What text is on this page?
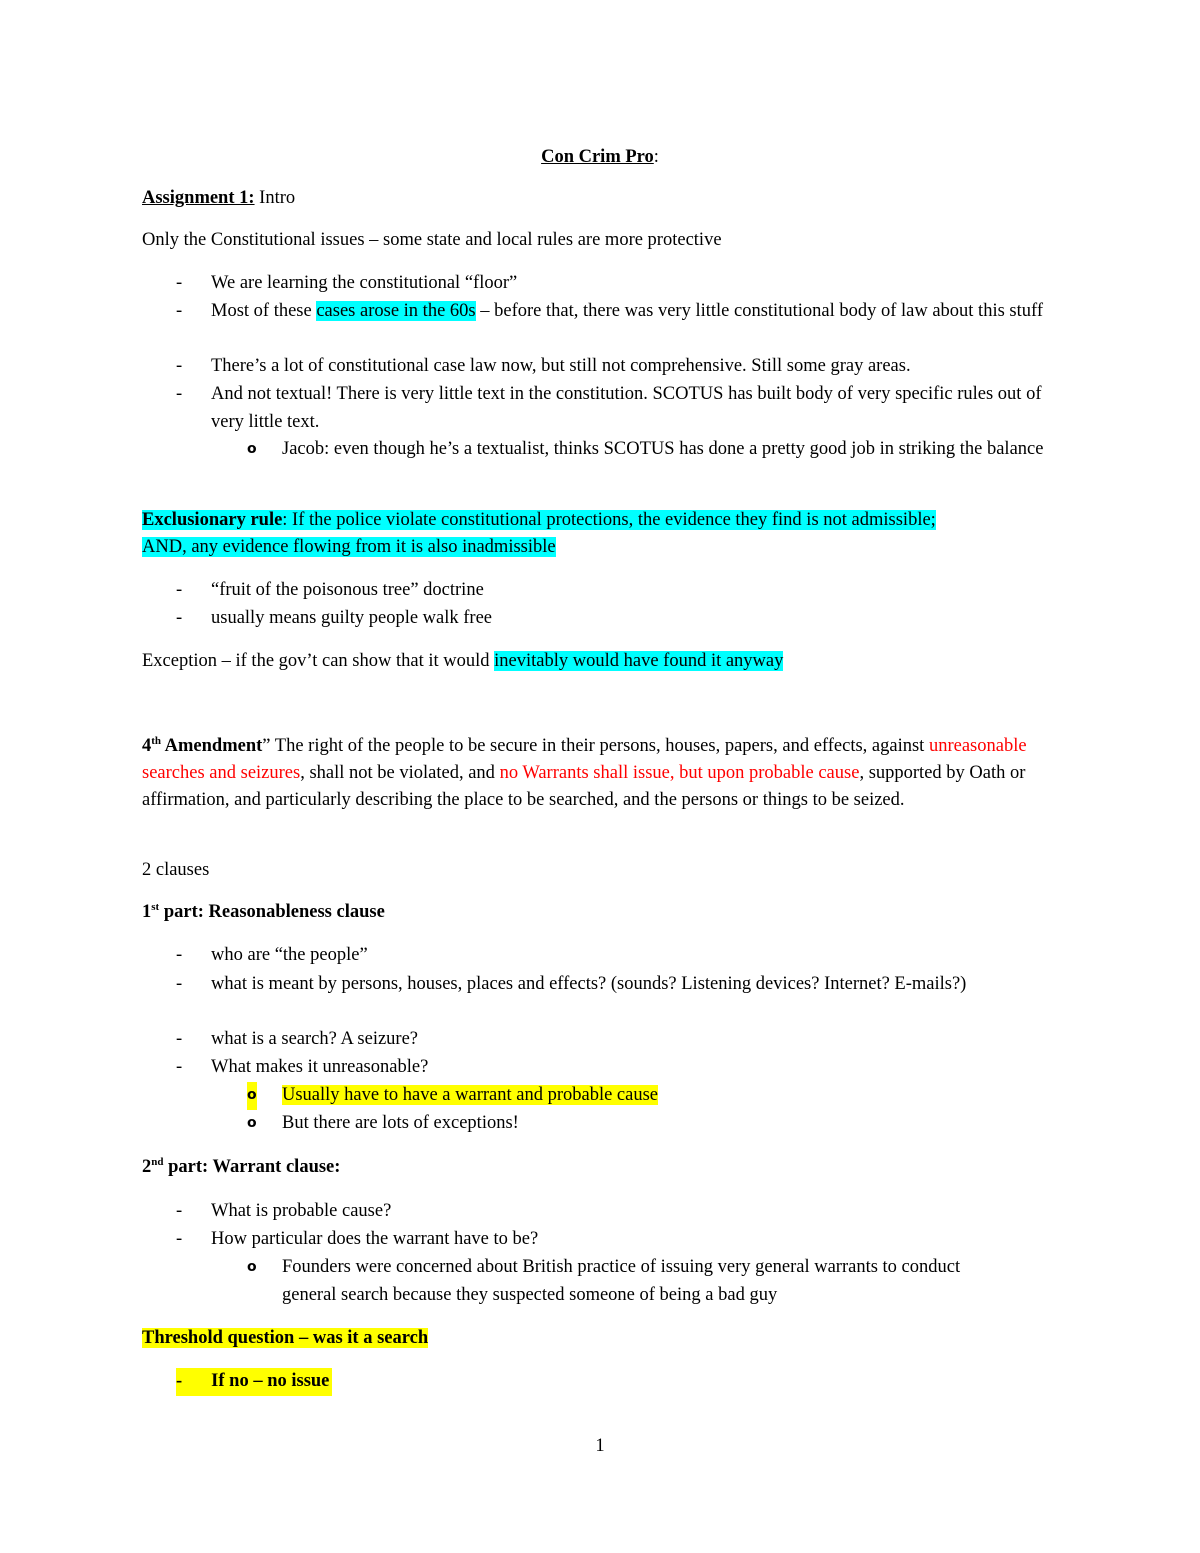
Con Crim Pro:
Assignment 1: Intro
Only the Constitutional issues – some state and local rules are more protective
- We are learning the constitutional “floor”
- Most of these cases arose in the 60s – before that, there was very little constitutional body of law about this stuff
- There’s a lot of constitutional case law now, but still not comprehensive. Still some gray areas.
- And not textual! There is very little text in the constitution. SCOTUS has built body of very specific rules out of very little text.
o Jacob: even though he’s a textualist, thinks SCOTUS has done a pretty good job in striking the balance
Exclusionary rule: If the police violate constitutional protections, the evidence they find is not admissible; AND, any evidence flowing from it is also inadmissible
- “fruit of the poisonous tree” doctrine
- usually means guilty people walk free
Exception – if the gov’t can show that it would inevitably would have found it anyway
4th Amendment” The right of the people to be secure in their persons, houses, papers, and effects, against unreasonable searches and seizures, shall not be violated, and no Warrants shall issue, but upon probable cause, supported by Oath or affirmation, and particularly describing the place to be searched, and the persons or things to be seized.
2 clauses
1st part: Reasonableness clause
- who are “the people”
- what is meant by persons, houses, places and effects? (sounds? Listening devices? Internet? E-mails?)
- what is a search? A seizure?
- What makes it unreasonable?
o Usually have to have a warrant and probable cause
o But there are lots of exceptions!
2nd part: Warrant clause:
- What is probable cause?
- How particular does the warrant have to be?
o Founders were concerned about British practice of issuing very general warrants to conduct general search because they suspected someone of being a bad guy
Threshold question – was it a search
- If no – no issue
1
